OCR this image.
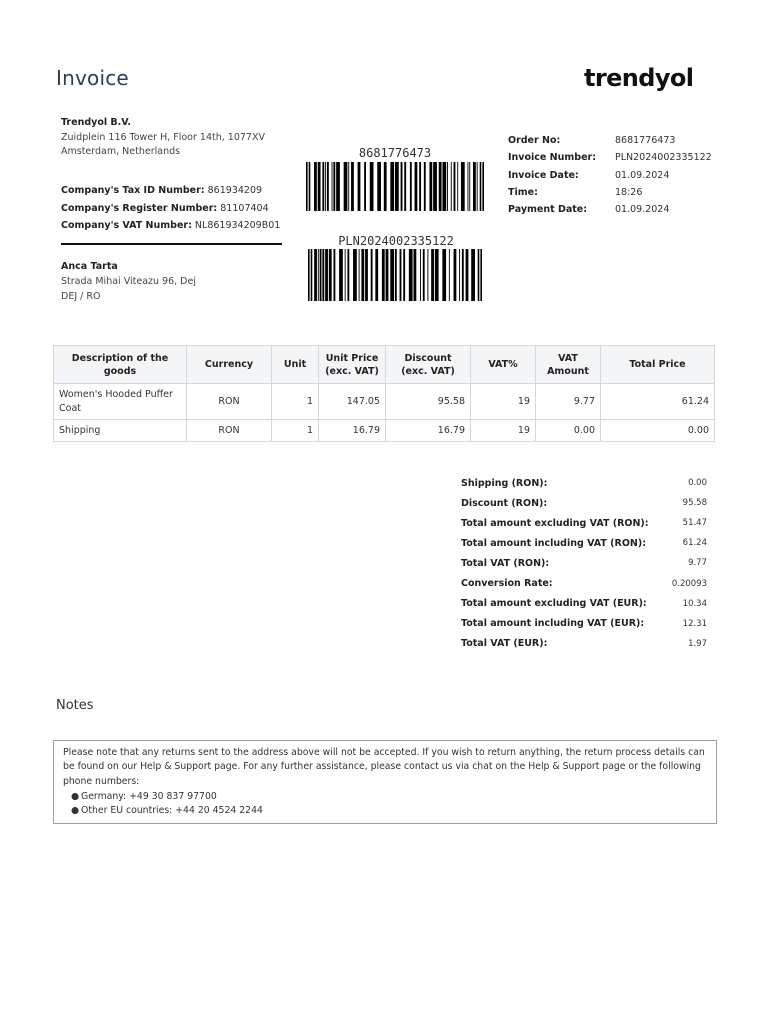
Invoice	trendyol
Trendyol B.V.
Zuidplein 116 Tower H, Floor 14th, 1077XV
Amsterdam, Netherlands
Company's Tax ID Number: 861934209
Company's Register Number: 81107404
Company's VAT Number: NL861934209B01
Anca Tarta
Strada Mihai Viteazu 96, Dej
DEJ / RO
8681776473
PLN2024002335122
Order No:	8681776473
Invoice Number:	PLN2024002335122
Invoice Date:	01.09.2024
Time:	18:26
Payment Date:	01.09.2024
Description of the goods	Currency	Unit	Unit Price (exc. VAT)	Discount (exc. VAT)	VAT%	VAT Amount	Total Price
Women's Hooded Puffer Coat	RON	1	147.05	95.58	19	9.77	61.24
Shipping	RON	1	16.79	16.79	19	0.00	0.00
Shipping (RON):	0.00
Discount (RON):	95.58
Total amount excluding VAT (RON):	51.47
Total amount including VAT (RON):	61.24
Total VAT (RON):	9.77
Conversion Rate:	0.20093
Total amount excluding VAT (EUR):	10.34
Total amount including VAT (EUR):	12.31
Total VAT (EUR):	1.97
Notes
Please note that any returns sent to the address above will not be accepted. If you wish to return anything, the return process details can be found on our Help & Support page. For any further assistance, please contact us via chat on the Help & Support page or the following phone numbers:
● Germany: +49 30 837 97700
● Other EU countries: +44 20 4524 2244
